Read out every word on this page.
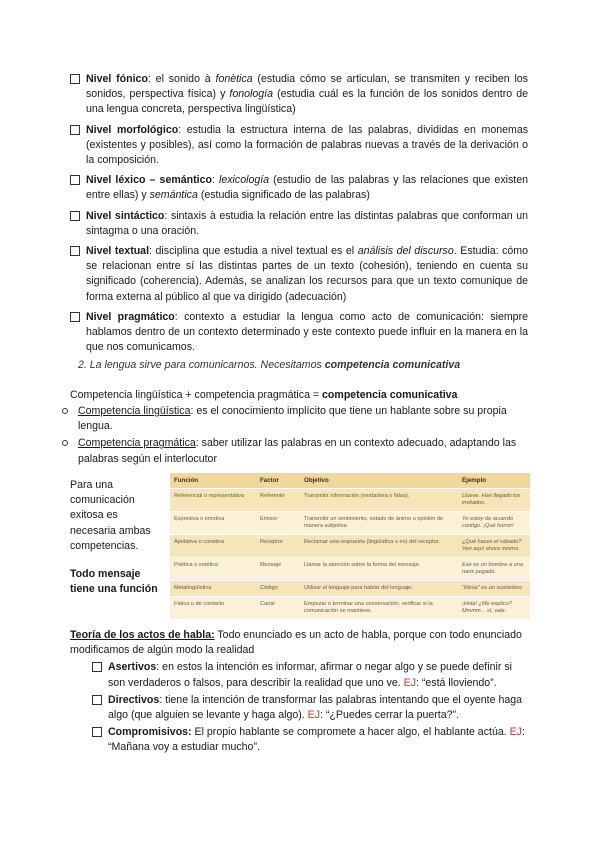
Nivel fónico: el sonido à fonètica (estudia cómo se articulan, se transmiten y reciben los sonidos, perspectiva física) y fonología (estudia cuál es la función de los sonidos dentro de una lengua concreta, perspectiva lingüística)
Nivel morfológico: estudia la estructura interna de las palabras, divididas en monemas (existentes y posibles), así como la formación de palabras nuevas a través de la derivación o la composición.
Nivel léxico – semántico: lexicología (estudio de las palabras y las relaciones que existen entre ellas) y semántica (estudia significado de las palabras)
Nivel sintáctico: sintaxis à estudia la relación entre las distintas palabras que conforman un sintagma o una oración.
Nivel textual: disciplina que estudia a nivel textual es el análisis del discurso. Estudia: cómo se relacionan entre sí las distintas partes de un texto (cohesión), teniendo en cuenta su significado (coherencia). Además, se analizan los recursos para que un texto comunique de forma externa al público al que va dirigido (adecuación)
Nivel pragmático: contexto a estudiar la lengua como acto de comunicación: siempre hablamos dentro de un contexto determinado y este contexto puede influir en la manera en la que nos comunicamos.
2. La lengua sirve para comunicarnos. Necesitamos competencia comunicativa
Competencia lingüística + competencia pragmática = competencia comunicativa
Competencia lingüística: es el conocimiento implícito que tiene un hablante sobre su propia lengua.
Competencia pragmática: saber utilizar las palabras en un contexto adecuado, adaptando las palabras según el interlocutor
Para una comunicación exitosa es necesaria ambas competencias.
Todo mensaje tiene una función
Función	Factor	Objetivo	Ejemplo
Referencial o representativa	Referente	Transmitir información (verdadera o falsa).	Llueve. Han llegado los invitados.
Expresiva o emotiva	Emisor	Transmitir un sentimiento, estado de ánimo u opinión de manera subjetiva.	Yo estoy de acuerdo contigo. ¡Qué horror!
Apelativa o conativa	Receptor	Reclamar una respuesta (lingüística o no) del receptor.	¿Qué haces el sábado? Ven aquí ahora mismo.
Poética o estética	Mensaje	Llamar la atención sobre la forma del mensaje.	Ese es un hombre a una nariz pegado.
Metalingüística	Código	Utilizar el lenguaje para hablar del lenguaje.	"Mesa" es un sustantivo.
Fática o de contacto	Canal	Empezar o terminar una conversación; verificar si la comunicación se mantiene.	¡Hola! ¿Me explico? Mmmm... sí, vale.
Teoría de los actos de habla: Todo enunciado es un acto de habla, porque con todo enunciado modificamos de algún modo la realidad
Asertivos: en estos la intención es informar, afirmar o negar algo y se puede definir si son verdaderos o falsos, para describir la realidad que uno ve. EJ: “está lloviendo”.
Directivos: tiene la intención de transformar las palabras intentando que el oyente haga algo (que alguien se levante y haga algo). EJ: “¿Puedes cerrar la puerta?”.
Compromisivos: El propio hablante se compromete a hacer algo, el hablante actúa. EJ: “Mañana voy a estudiar mucho”.
